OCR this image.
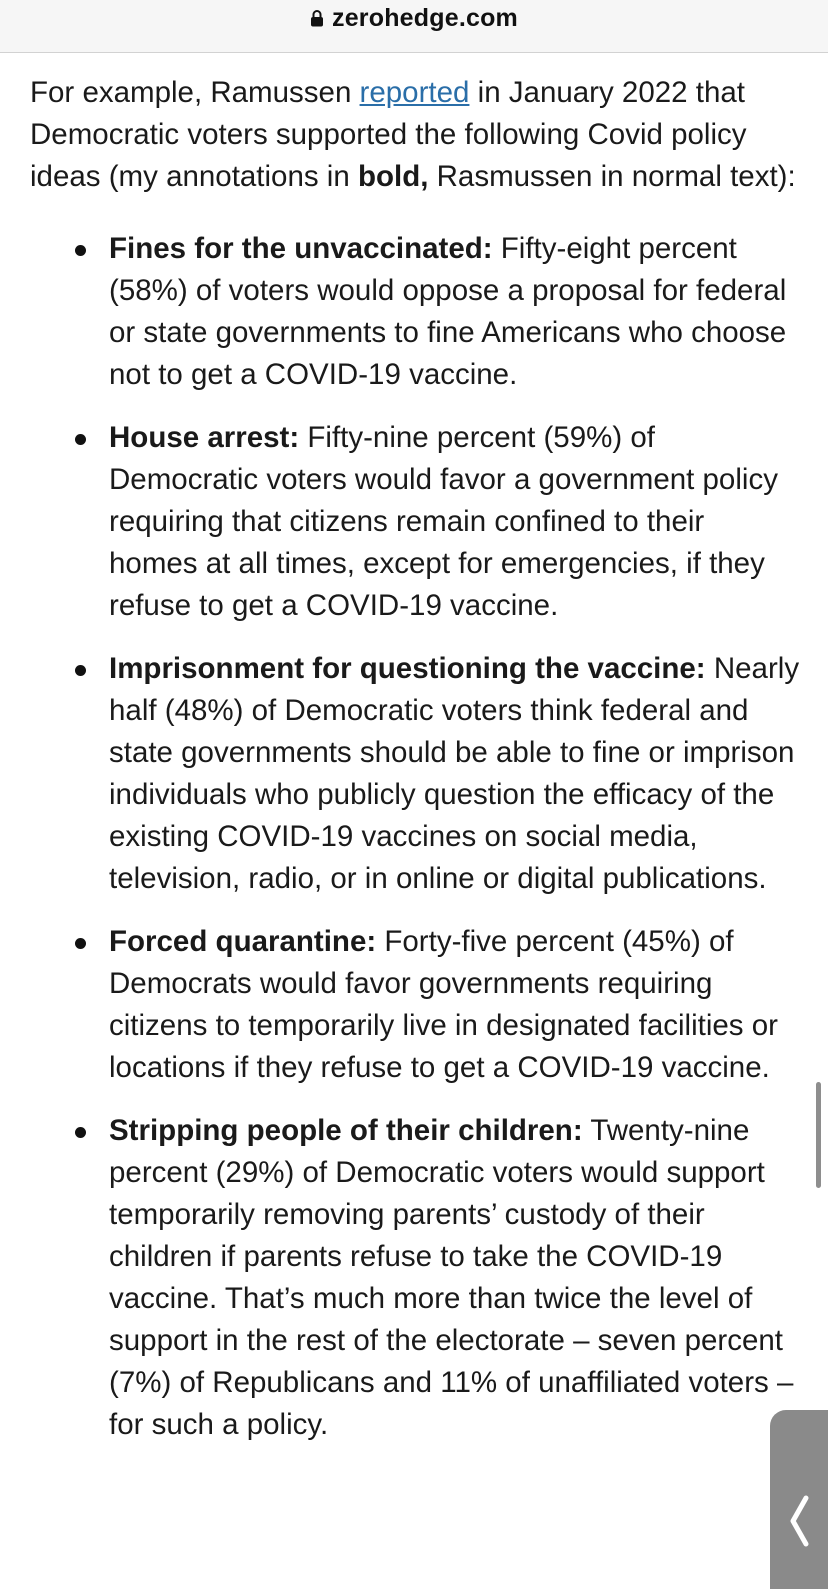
zerohedge.com

For example, Ramussen reported in January 2022 that Democratic voters supported the following Covid policy ideas (my annotations in bold, Rasmussen in normal text):

Fines for the unvaccinated: Fifty-eight percent (58%) of voters would oppose a proposal for federal or state governments to fine Americans who choose not to get a COVID-19 vaccine.
House arrest: Fifty-nine percent (59%) of Democratic voters would favor a government policy requiring that citizens remain confined to their homes at all times, except for emergencies, if they refuse to get a COVID-19 vaccine.
Imprisonment for questioning the vaccine: Nearly half (48%) of Democratic voters think federal and state governments should be able to fine or imprison individuals who publicly question the efficacy of the existing COVID-19 vaccines on social media, television, radio, or in online or digital publications.
Forced quarantine: Forty-five percent (45%) of Democrats would favor governments requiring citizens to temporarily live in designated facilities or locations if they refuse to get a COVID-19 vaccine.
Stripping people of their children: Twenty-nine percent (29%) of Democratic voters would support temporarily removing parents’ custody of their children if parents refuse to take the COVID-19 vaccine. That’s much more than twice the level of support in the rest of the electorate – seven percent (7%) of Republicans and 11% of unaffiliated voters – for such a policy.
